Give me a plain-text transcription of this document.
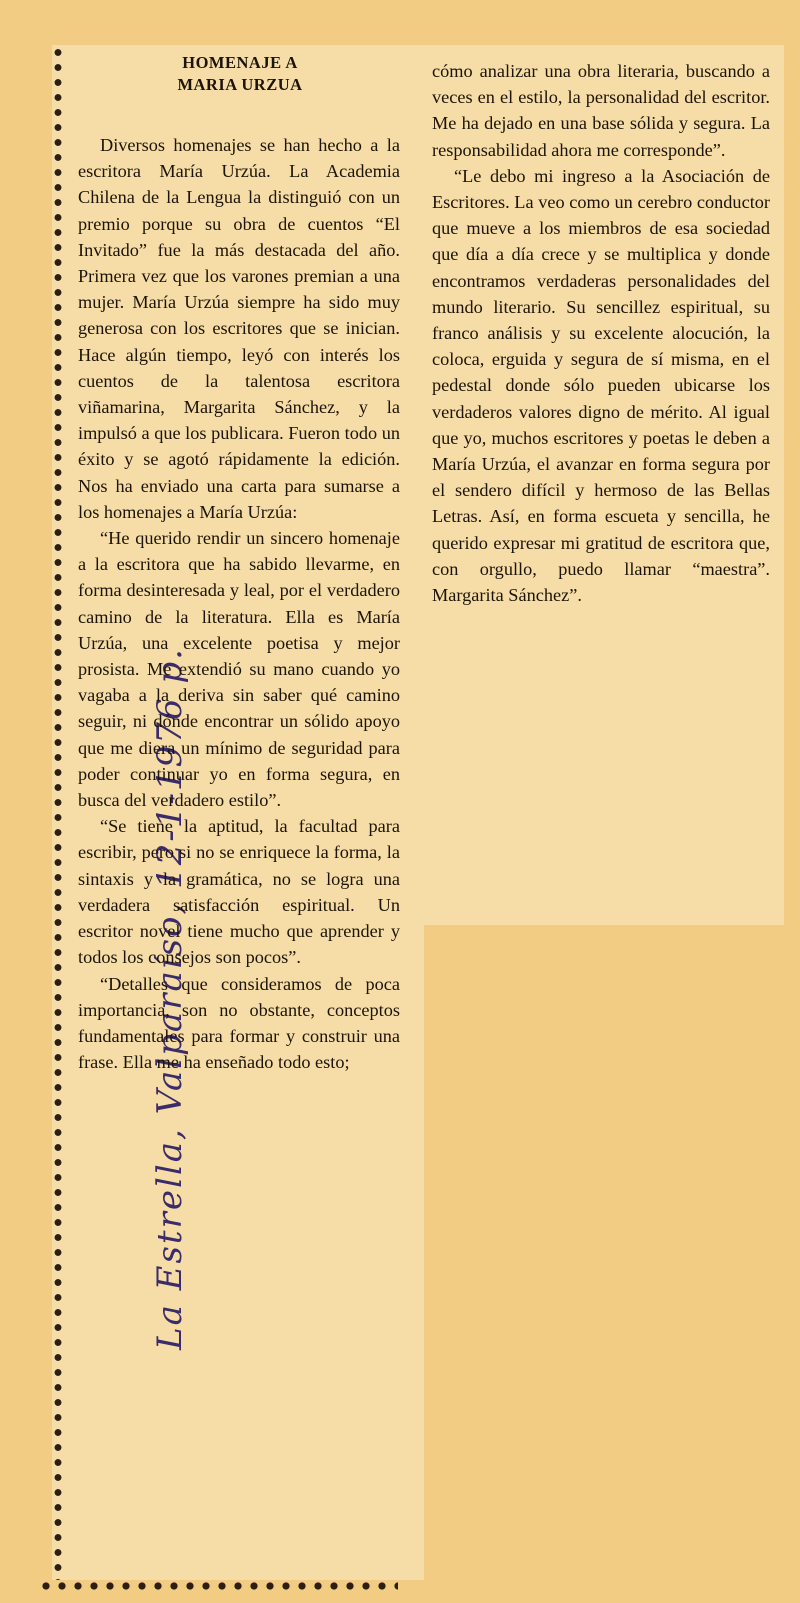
La Estrella, Valparaíso, 12-1-1976 p.
HOMENAJE A
MARIA URZUA

Diversos homenajes se han hecho a la escritora María Urzúa. La Academia Chilena de la Lengua la distinguió con un premio porque su obra de cuentos “El Invitado” fue la más destacada del año. Primera vez que los varones premian a una mujer. María Urzúa siempre ha sido muy generosa con los escritores que se inician. Hace algún tiempo, leyó con interés los cuentos de la talentosa escritora viñamarina, Margarita Sánchez, y la impulsó a que los publicara. Fueron todo un éxito y se agotó rápidamente la edición. Nos ha enviado una carta para sumarse a los homenajes a María Urzúa:

“He querido rendir un sincero homenaje a la escritora que ha sabido llevarme, en forma desinteresada y leal, por el verdadero camino de la literatura. Ella es María Urzúa, una excelente poetisa y mejor prosista. Me extendió su mano cuando yo vagaba a la deriva sin saber qué camino seguir, ni dónde encontrar un sólido apoyo que me diera un mínimo de seguridad para poder continuar yo en forma segura, en busca del verdadero estilo”.

“Se tiene la aptitud, la facultad para escribir, pero si no se enriquece la forma, la sintaxis y la gramática, no se logra una verdadera satisfacción espiritual. Un escritor novel tiene mucho que aprender y todos los consejos son pocos”.

“Detalles que consideramos de poca importancia, son no obstante, conceptos fundamentales para formar y construir una frase. Ella me ha enseñado todo esto;

cómo analizar una obra literaria, buscando a veces en el estilo, la personalidad del escritor. Me ha dejado en una base sólida y segura. La responsabilidad ahora me corresponde”.

“Le debo mi ingreso a la Asociación de Escritores. La veo como un cerebro conductor que mueve a los miembros de esa sociedad que día a día crece y se multiplica y donde encontramos verdaderas personalidades del mundo literario. Su sencillez espiritual, su franco análisis y su excelente alocución, la coloca, erguida y segura de sí misma, en el pedestal donde sólo pueden ubicarse los verdaderos valores digno de mérito. Al igual que yo, muchos escritores y poetas le deben a María Urzúa, el avanzar en forma segura por el sendero difícil y hermoso de las Bellas Letras. Así, en forma escueta y sencilla, he querido expresar mi gratitud de escritora que, con orgullo, puedo llamar “maestra”. Margarita Sánchez”.
